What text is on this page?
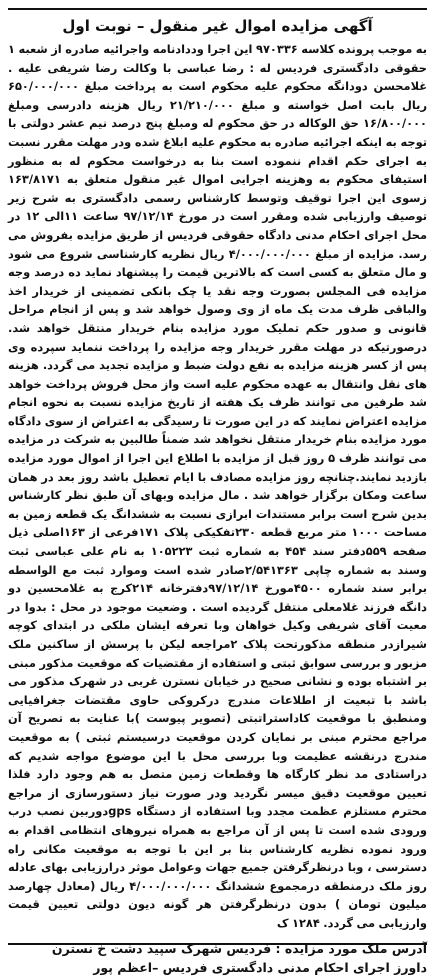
آگهی مزایده اموال غیر منقول – نوبت اول

به موجب پرونده کلاسه ۹۷۰۳۳۶ این اجرا وددادنامه واجرائیه صادره از شعبه ۱ حقوقی دادگستری فردیس له : رضا عباسی با وکالت رضا شریفی علیه . غلامحسن دودانگه محکوم علیه محکوم است به پرداخت مبلغ ۶۵۰/۰۰۰/۰۰۰ ریال بابت اصل خواسته و مبلغ ۲۱/۲۱۰/۰۰۰ ریال هزینه دادرسی ومبلغ ۱۶/۸۰۰/۰۰۰ حق الوکاله در حق محکوم له ومبلغ پنج درصد نیم عشر دولتی با توجه به اینکه اجرائیه صادره به محکوم علیه ابلاغ شده ودر مهلت مقرر نسبت به اجرای حکم اقدام ننموده است بنا به درخواست محکوم له به منظور استیفای محکوم به وهزینه اجرایی اموال غیر منقول متعلق به ۱۶۳/۸۱۷۱ زسوی این اجرا توقیف وتوسط کارشناس رسمی دادگستری به شرح زیر توصیف وارزیابی شده ومقرر است در مورخ ۹۷/۱۲/۱۴ ساعت ۱۱الی ۱۲ در محل اجرای احکام مدنی دادگاه حقوقی فردیس از طریق مزایده بفروش می رسد. مزایده از مبلغ ۴/۰۰۰/۰۰۰/۰۰۰ ریال نظریه کارشناسی شروع می شود و مال متعلق به کسی است که بالاترین قیمت را پیشنهاد نماید ده درصد وجه مزایده فی المجلس بصورت وجه نقد یا چک بانکی تضمینی از خریدار اخذ والباقی ظرف مدت یک ماه از وی وصول خواهد شد و پس از انجام مراحل قانونی و صدور حکم تملیک مورد مزایده بنام خریدار منتقل خواهد شد. درصورتیکه در مهلت مقرر خریدار وجه مزایده را پرداخت ننماید سپرده وی پس از کسر هزینه مزایده به نفع دولت ضبط و مزایده تجدید می گردد. هزینه های نقل وانتقال به عهده محکوم علیه است واز محل فروش پرداخت خواهد شد طرفین می توانند ظرف یک هفته از تاریخ مزایده نسبت به نحوه انجام مزایده اعتراض نمایند که در این صورت تا رسیدگی به اعتراض از سوی دادگاه مورد مزایده بنام خریدار منتقل نخواهد شد ضمناً طالبین به شرکت در مزایده می توانند ظرف ۵ روز قبل از مزایده با اطلاع این اجرا از اموال مورد مزایده بازدید نمایند.چنانچه روز مزایده مصادف با ایام تعطیل باشد روز بعد در همان ساعت ومکان برگزار خواهد شد . مال مزایده وبهای آن طبق نظر کارشناس بدین شرح است برابر مستندات ابرازی نسبت به ششدانگ یک قطعه زمین به مساحت ۱۰۰۰ متر مربع قطعه ۲۳۰تفکیکی پلاک ۱۷۱فرعی از ۱۶۳اصلی ذیل صفحه ۵۵۹دفتر سند ۴۵۴ به شماره ثبت ۱۰۵۲۲۳ به نام علی عباسی ثبت وسند به شماره چاپی ۲/۵۴۱۳۶۳صادر شده است وموارد ثبت مع الواسطه برابر سند شماره ۴۵۰۰مورخ ۹۷/۱۲/۱۴دفترخانه ۲۱۴کرج به غلامحسین دو دانگه فرزند غلامعلی منتقل گردیده است . وضعیت موجود در محل : بدوا در معیت آقای شریفی وکیل خواهان وبا تعرفه ایشان ملکی در ابتدای کوچه شیرازدر منطقه مذکورتحت پلاک ۲مراجعه لیکن با پرسش از ساکنین ملک مزبور و بررسی سوابق ثبتی و استفاده از مقتضیات که موقعیت مذکور مبنی بر اشتباه بوده و نشانی صحیح در خیابان نسترن غربی در شهرک مذکور می باشد با تبعیت از اطلاعات مندرج درکروکی حاوی مقتضات جغرافیایی ومنطبق با موقعیت کاداستراتبتی (تصویر پیوست )با عنایت به تصریح آن مراجع محترم مبنی بر نمایان کردن موقعیت درسیستم ثبتی ) به موقعیت مندرج درنقشه عظیمت وبا بررسی محل با این موضوع مواجه شدیم که دراستادی مد نظر کارگاه ها وقطعات زمین متصل به هم وجود دارد فلذا تعیین موقعیت دقیق میسر نگردید ودر صورت نیاز دستورسازی از مراجع محترم مستلزم عظمت مجدد وبا استفاده از دستگاه gpsدوربین نصب درب ورودی شده است تا پس از آن مراجع به همراه نیروهای انتظامی اقدام به ورود نموده نظریه کارشناس بنا بر این با توجه به موقعیت مکانی راه دسترسی ، وبا درنظرگرفتن جمیع جهات وعوامل موثر درارزیابی بهای عادله روز ملک درمنطقه درمجموع ششدانگ ۴/۰۰۰/۰۰۰/۰۰۰ ریال (معادل چهارصد میلیون تومان ) بدون درنظرگرفتن هر گونه دیون دولتی تعیین قیمت وارزیابی می گردد. ۱۲۸۴ ک

آدرس ملک مورد مزایده : فردیس شهرک سپید دشت خ نسترن
داورز اجرای احکام مدنی دادگستری فردیس –اعظم پور
